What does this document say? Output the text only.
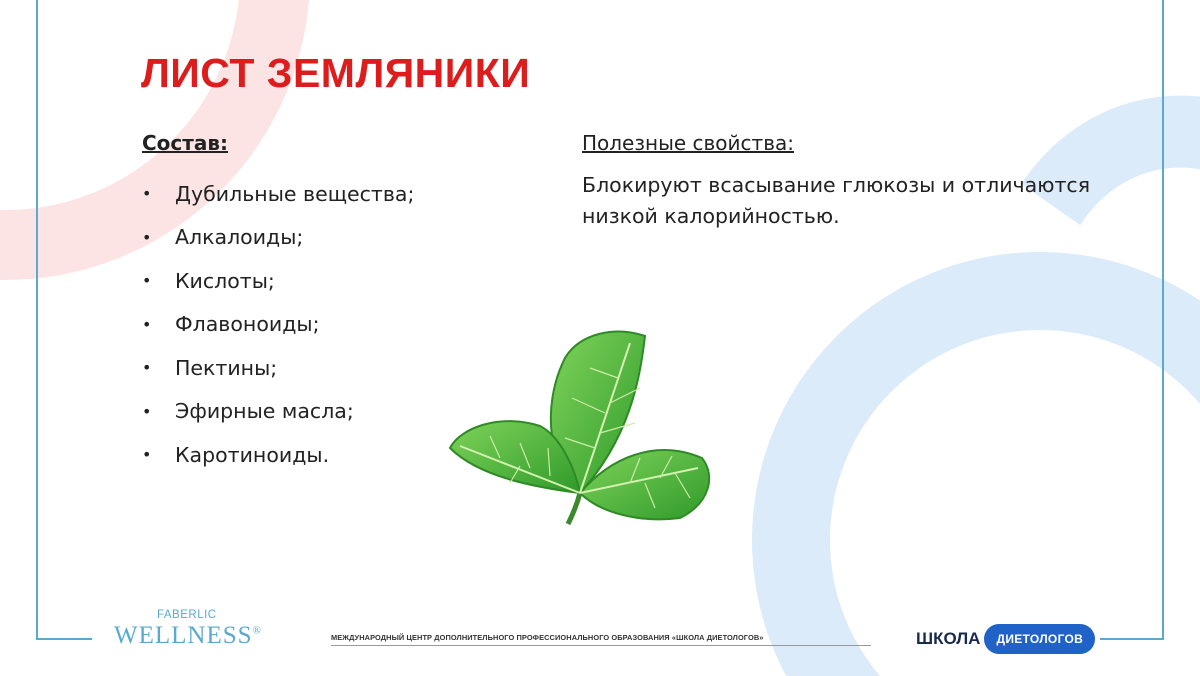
ЛИСТ ЗЕМЛЯНИКИ
Состав:
•	Дубильные вещества;
•	Алкалоиды;
•	Кислоты;
•	Флавоноиды;
•	Пектины;
•	Эфирные масла;
•	Каротиноиды.
Полезные свойства:

Блокируют всасывание глюкозы и отличаются низкой калорийностью.

FABERLIC
WELLNESS®
МЕЖДУНАРОДНЫЙ ЦЕНТР ДОПОЛНИТЕЛЬНОГО ПРОФЕССИОНАЛЬНОГО ОБРАЗОВАНИЯ «ШКОЛА ДИЕТОЛОГОВ»	ШКОЛА	ДИЕТОЛОГОВ
